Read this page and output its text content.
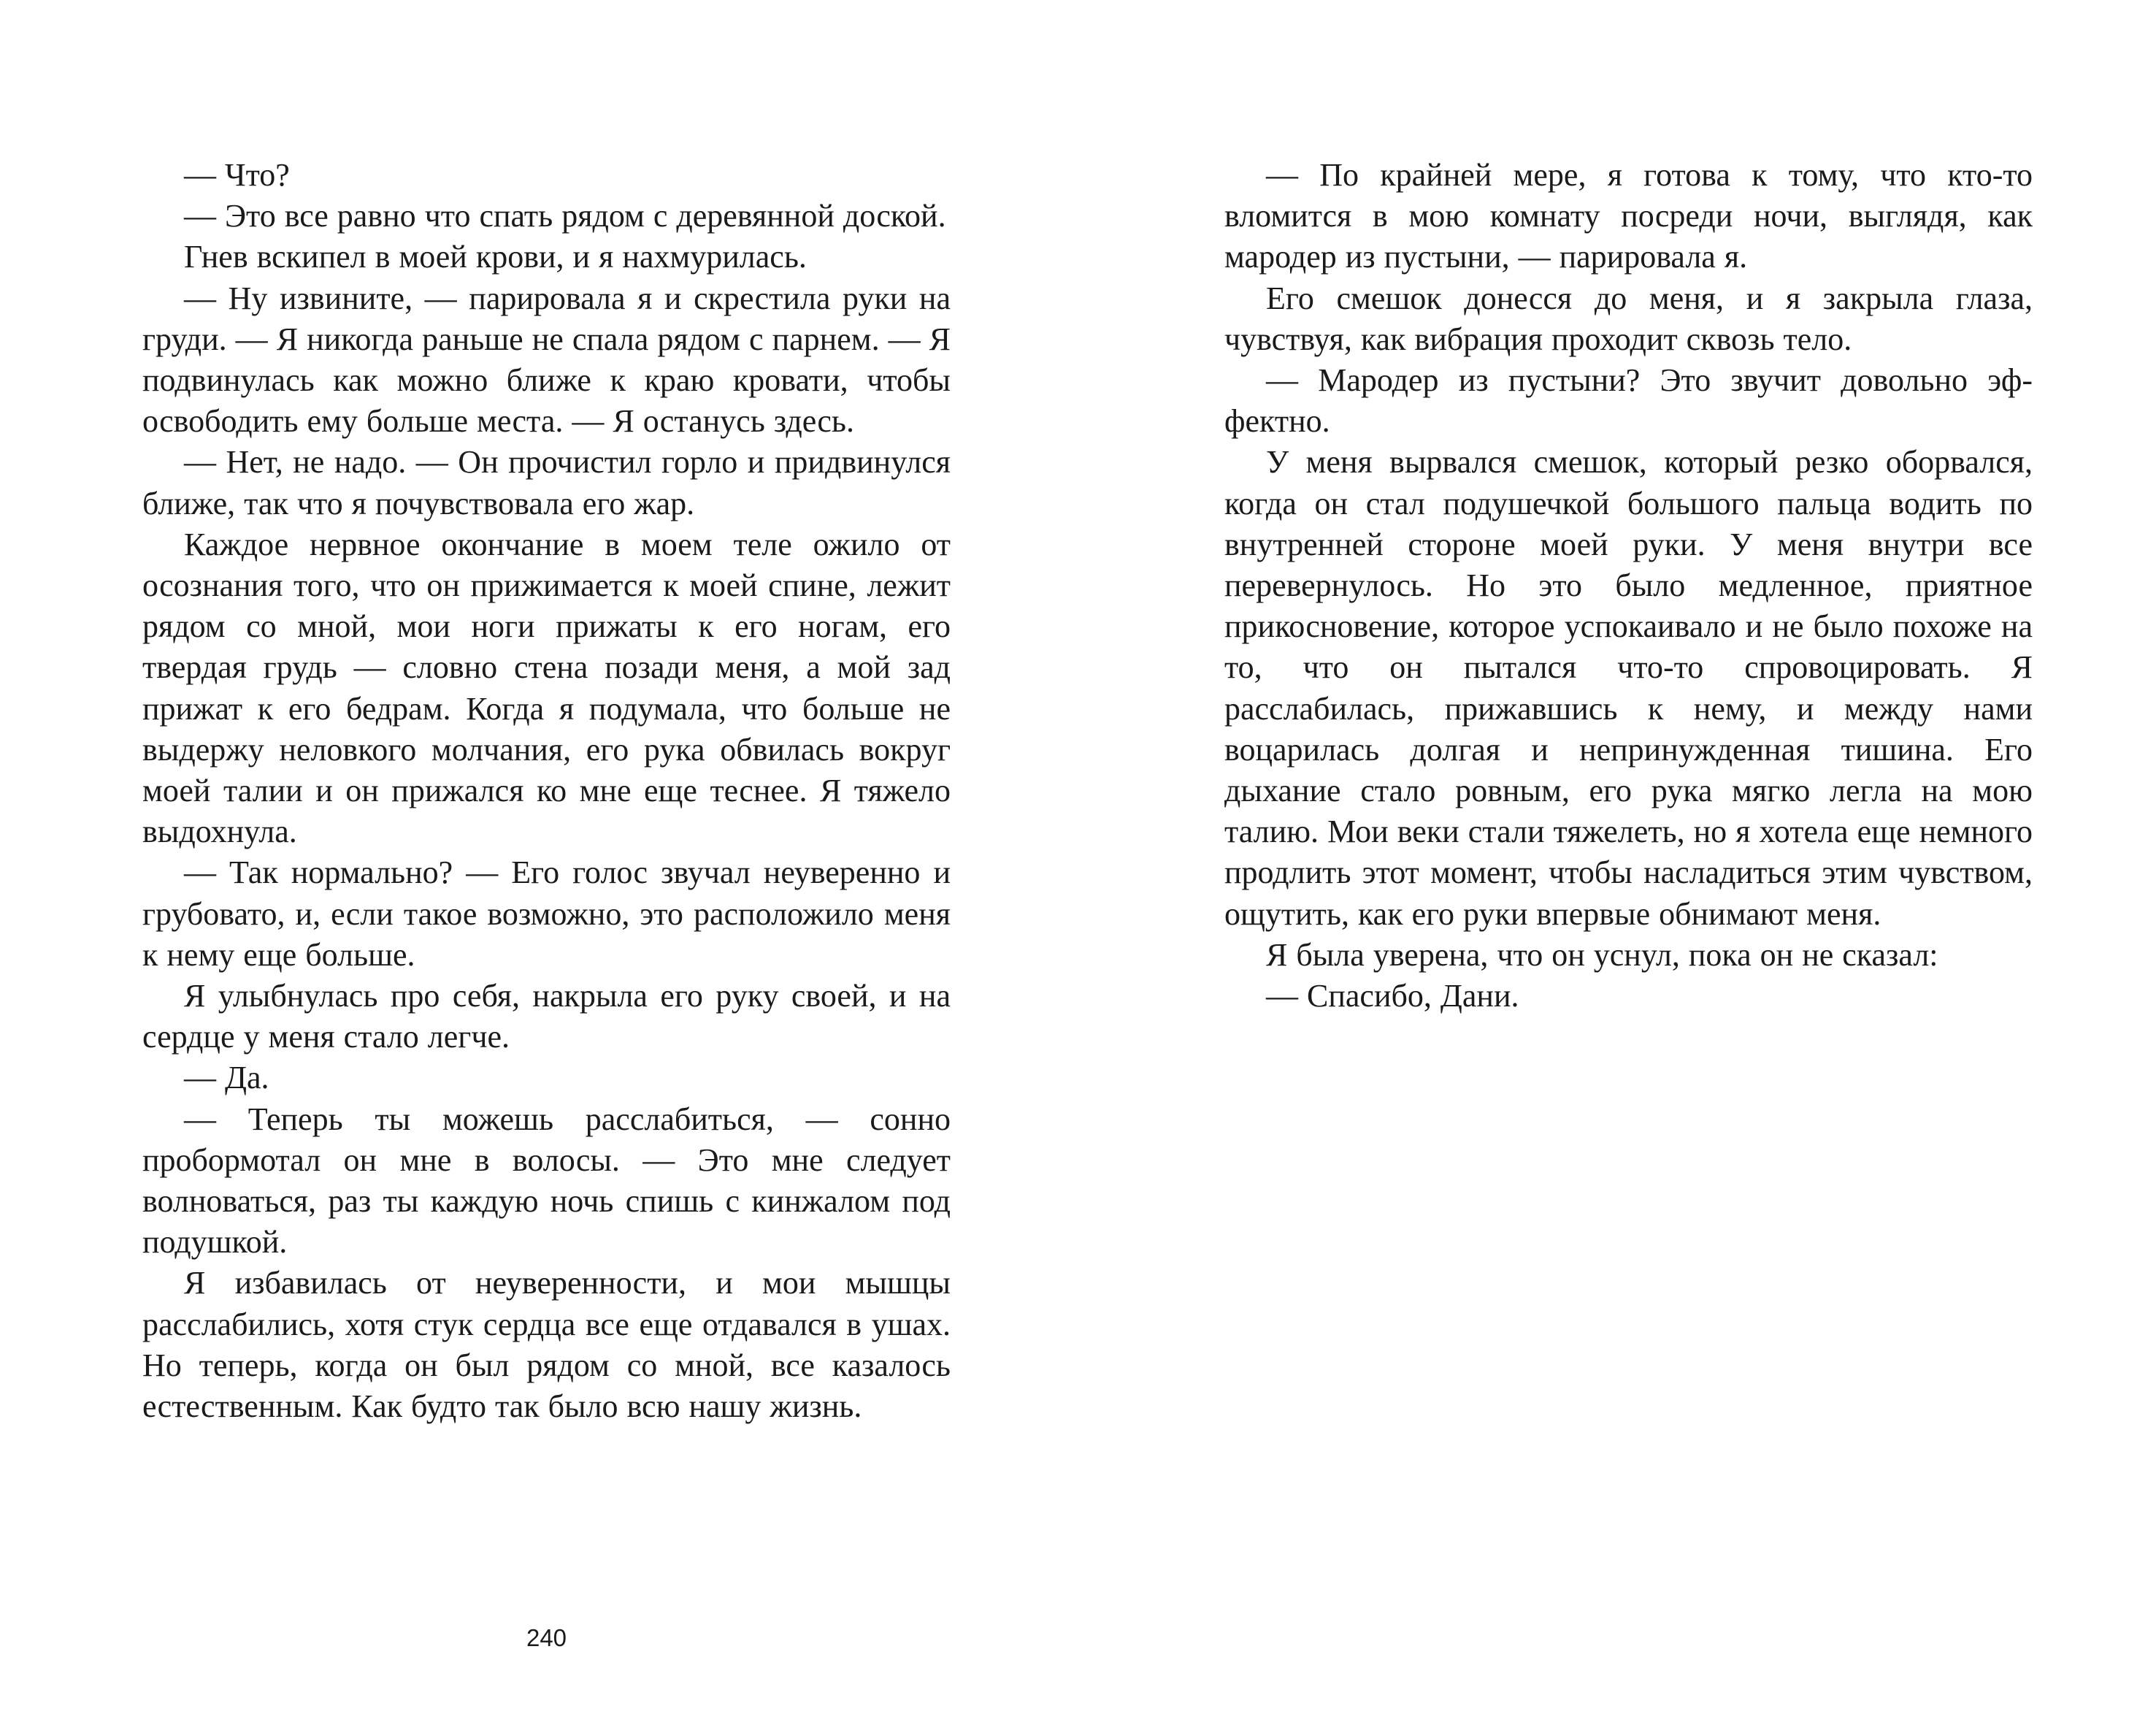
— Что?

— Это все равно что спать рядом с деревянной доской.

Гнев вскипел в моей крови, и я нахмурилась.

— Ну извините, — парировала я и скрестила руки на груди. — Я никогда раньше не спала рядом с парнем. — Я подвинулась как можно ближе к краю кровати, чтобы освободить ему больше места. — Я останусь здесь.

— Нет, не надо. — Он прочистил горло и придвинулся ближе, так что я почувствовала его жар.

Каждое нервное окончание в моем теле ожило от осознания того, что он прижимается к моей спине, лежит рядом со мной, мои ноги прижаты к его ногам, его твердая грудь — словно стена позади меня, а мой зад прижат к его бедрам. Когда я подумала, что больше не выдержу неловкого молчания, его рука обвилась вокруг моей талии и он прижался ко мне еще теснее. Я тяжело выдохнула.

— Так нормально? — Его голос звучал неуверенно и грубовато, и, если такое возможно, это расположило меня к нему еще больше.

Я улыбнулась про себя, накрыла его руку своей, и на сердце у меня стало легче.

— Да.

— Теперь ты можешь расслабиться, — сонно пробормотал он мне в волосы. — Это мне следует волноваться, раз ты каждую ночь спишь с кинжалом под подушкой.

Я избавилась от неуверенности, и мои мышцы расслабились, хотя стук сердца все еще отдавался в ушах. Но теперь, когда он был рядом со мной, все казалось естественным. Как будто так было всю нашу жизнь.

240

— По крайней мере, я готова к тому, что кто-то вломится в мою комнату посреди ночи, выглядя, как мародер из пустыни, — парировала я.

Его смешок донесся до меня, и я закрыла глаза, чувствуя, как вибрация проходит сквозь тело.

— Мародер из пустыни? Это звучит довольно эффектно.

У меня вырвался смешок, который резко оборвался, когда он стал подушечкой большого пальца водить по внутренней стороне моей руки. У меня внутри все перевернулось. Но это было медленное, приятное прикосновение, которое успокаивало и не было похоже на то, что он пытался что-то спровоцировать. Я расслабилась, прижавшись к нему, и между нами воцарилась долгая и непринужденная тишина. Его дыхание стало ровным, его рука мягко легла на мою талию. Мои веки стали тяжелеть, но я хотела еще немного продлить этот момент, чтобы насладиться этим чувством, ощутить, как его руки впервые обнимают меня.

Я была уверена, что он уснул, пока он не сказал:

— Спасибо, Дани.
